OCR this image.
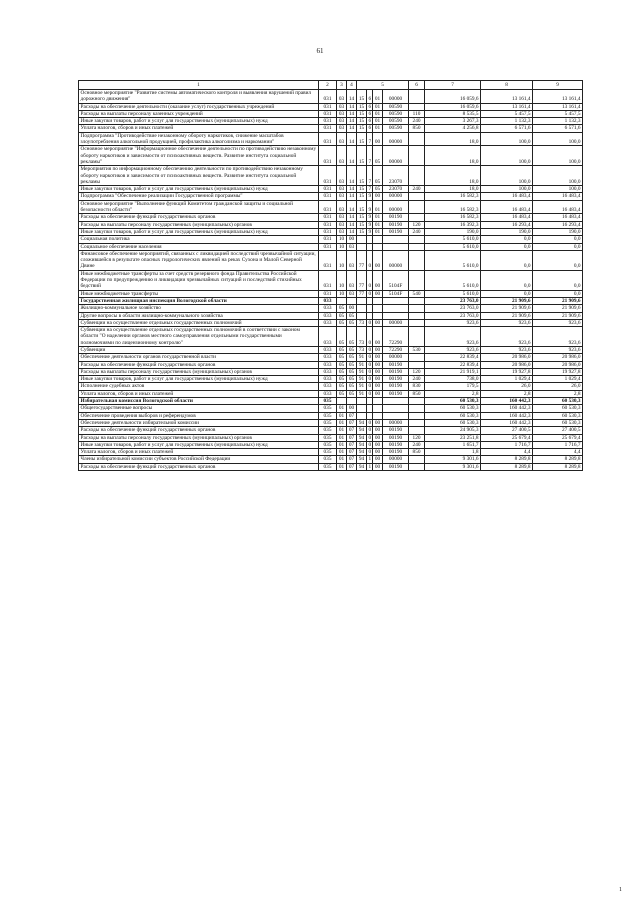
61
1	2	3	4	5				6	7	8	9
Основное мероприятие "Развитие системы автоматического контроля и выявления нарушений правил дорожного движения"	031	03	14	15	6	01	00000		16 059,6	13 161,4	13 161,4
Расходы на обеспечение деятельности (оказание услуг) государственных учреждений	031	03	14	15	6	01	00590		16 059,6	13 161,4	13 161,4
Расходы на выплаты персоналу казенных учреждений	031	03	14	15	6	01	00590	110	8 535,5	5 457,5	5 457,5
Иные закупки товаров, работ и услуг для государственных (муниципальных) нужд	031	03	14	15	6	01	00590	240	3 267,3	1 132,3	1 132,3
Уплата налогов, сборов и иных платежей	031	03	14	15	6	01	00590	850	4 256,8	6 571,6	6 571,6
Подпрограмма "Противодействие незаконному обороту наркотиков, снижение масштабов злоупотребления алкогольной продукцией, профилактика алкоголизма и наркомании"	031	03	14	15	7	00	00000		18,0	100,0	100,0
Основное мероприятие "Информационное обеспечение деятельности по противодействию незаконному обороту наркотиков и зависимости от психоактивных веществ. Развитие института социальной рекламы"	031	03	14	15	7	05	00000		18,0	100,0	100,0
Мероприятия по информационному обеспечению деятельности по противодействию незаконному обороту наркотиков и зависимости от психоактивных веществ. Развитие института социальной рекламы	031	03	14	15	7	05	23070		18,0	100,0	100,0
Иные закупки товаров, работ и услуг для государственных (муниципальных) нужд	031	03	14	15	7	05	23070	240	18,0	100,0	100,0
Подпрограмма "Обеспечение реализации Государственной программы"	031	03	14	15	9	00	00000		16 582,3	16 483,4	16 483,4
Основное мероприятие "Выполнение функций Комитетом гражданской защиты и социальной безопасности области"	031	03	14	15	9	01	00000		16 582,3	16 483,4	16 483,4
Расходы на обеспечение функций государственных органов	031	03	14	15	9	01	00190		16 582,3	16 483,4	16 483,4
Расходы на выплаты персоналу государственных (муниципальных) органов	031	03	14	15	9	01	00190	120	16 392,3	16 293,4	16 293,4
Иные закупки товаров, работ и услуг для государственных (муниципальных) нужд	031	03	14	15	9	01	00190	240	190,0	190,0	190,0
Социальная политика	031	10	00						5 610,0	0,0	0,0
Социальное обеспечение населения	031	10	03						5 610,0	0,0	0,0
Финансовое обеспечение мероприятий, связанных с ликвидацией последствий чрезвычайной ситуации, сложившейся в результате опасных гидрологических явлений на реках Сухона и Малой Северной Двине	031	10	03	77	0	00	00000		5 610,0	0,0	0,0
Иные межбюджетные трансферты за счет средств резервного фонда Правительства Российской Федерации по предупреждению и ликвидации чрезвычайных ситуаций и последствий стихийных бедствий	031	10	03	77	0	00	5104F		5 610,0	0,0	0,0
Иные межбюджетные трансферты	031	10	03	77	0	00	5104F	540	5 610,0	0,0	0,0
Государственная жилищная инспекция Вологодской области	033								23 763,0	21 909,6	21 909,6
Жилищно-коммунальное хозяйство	033	05	00						23 763,0	21 909,6	21 909,6
Другие вопросы в области жилищно-коммунального хозяйства	033	05	05						23 763,0	21 909,6	21 909,6
Субвенции на осуществление отдельных государственных полномочий	033	05	05	73	0	00	00000		923,6	923,6	923,6
Субвенции на осуществление отдельных государственных полномочий в соответствии с законом области "О наделении органов местного самоуправления отдельными государственными полномочиями по лицензионному контролю"	033	05	05	73	0	00	72290		923,6	923,6	923,6
Субвенции	033	05	05	73	0	00	72290	530	923,6	923,6	923,6
Обеспечение деятельности органов государственной власти	033	05	05	91	0	00	00000		22 839,4	20 986,0	20 986,0
Расходы на обеспечение функций государственных органов	033	05	05	91	0	00	00190		22 839,4	20 986,0	20 986,0
Расходы на выплаты персоналу государственных (муниципальных) органов	033	05	05	91	0	00	00190	120	21 919,1	19 927,8	19 927,8
Иные закупки товаров, работ и услуг для государственных (муниципальных) нужд	033	05	05	91	0	00	00190	240	738,0	1 029,4	1 029,4
Исполнение судебных актов	033	05	05	91	0	00	00190	830	179,5	26,0	26,0
Уплата налогов, сборов и иных платежей	033	05	05	91	0	00	00190	850	2,8	2,8	2,8
Избирательная комиссия Вологодской области	035								60 530,3	160 442,3	60 530,3
Общегосударственные вопросы	035	01	00						60 530,3	160 442,3	60 530,3
Обеспечение проведения выборов и референдумов	035	01	07						60 530,3	160 442,3	60 530,3
Обеспечение деятельности избирательной комиссии	035	01	07	94	0	00	00000		60 530,3	160 442,3	60 530,3
Расходы на обеспечение функций государственных органов	035	01	07	94	0	00	00190		24 905,3	27 400,5	27 400,5
Расходы на выплаты персоналу государственных (муниципальных) органов	035	01	07	94	0	00	00190	120	23 251,8	25 679,4	25 679,4
Иные закупки товаров, работ и услуг для государственных (муниципальных) нужд	035	01	07	94	0	00	00190	240	1 651,7	1 716,7	1 716,7
Уплата налогов, сборов и иных платежей	035	01	07	94	0	00	00190	850	1,8	4,4	4,4
Члены избирательной комиссии субъектов Российской Федерации	035	01	07	94	1	00	00000		9 301,6	8 289,8	8 289,8
Расходы на обеспечение функций государственных органов	035	01	07	94	1	00	00190		9 301,6	8 289,8	8 289,8
1
